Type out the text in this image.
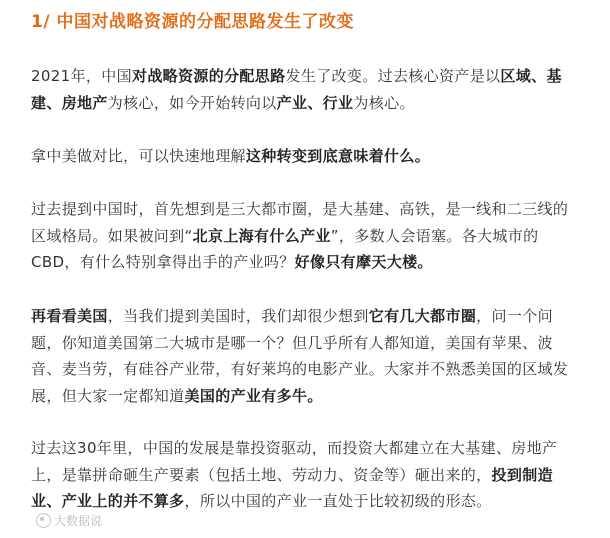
1/ 中国对战略资源的分配思路发生了改变

2021年，中国对战略资源的分配思路发生了改变。过去核心资产是以区域、基建、房地产为核心，如今开始转向以产业、行业为核心。

拿中美做对比，可以快速地理解这种转变到底意味着什么。

过去提到中国时，首先想到是三大都市圈，是大基建、高铁，是一线和二三线的区域格局。如果被问到“北京上海有什么产业”，多数人会语塞。各大城市的CBD，有什么特别拿得出手的产业吗？好像只有摩天大楼。

再看看美国，当我们提到美国时，我们却很少想到它有几大都市圈，问一个问题，你知道美国第二大城市是哪一个？但几乎所有人都知道，美国有苹果、波音、麦当劳，有硅谷产业带，有好莱坞的电影产业。大家并不熟悉美国的区域发展，但大家一定都知道美国的产业有多牛。

过去这30年里，中国的发展是靠投资驱动，而投资大都建立在大基建、房地产上，是靠拼命砸生产要素（包括土地、劳动力、资金等）砸出来的，投到制造业、产业上的并不算多，所以中国的产业一直处于比较初级的形态。

大数据说
